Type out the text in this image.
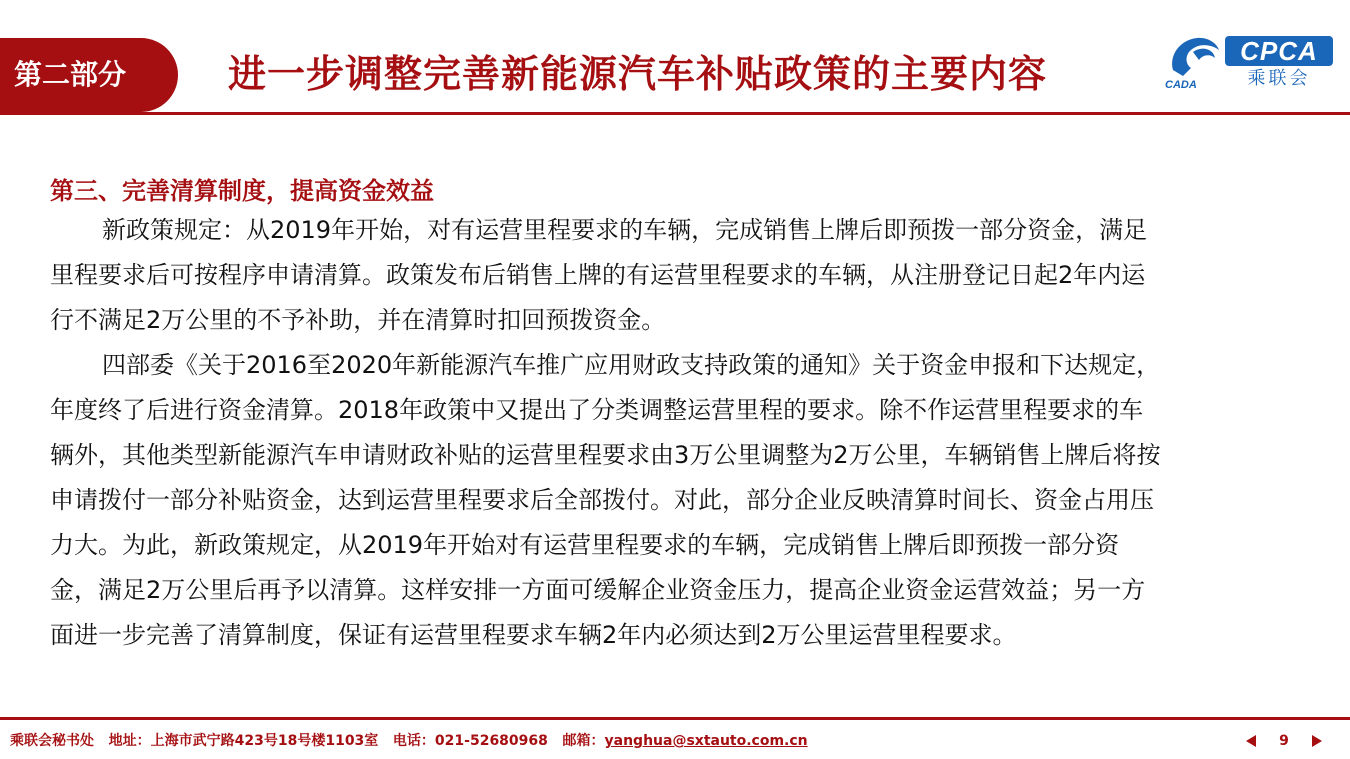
第二部分	进一步调整完善新能源汽车补贴政策的主要内容	CADA
CPCA
乘联会
第三、完善清算制度，提高资金效益
新政策规定：从2019年开始，对有运营里程要求的车辆，完成销售上牌后即预拨一部分资金，满足
里程要求后可按程序申请清算。政策发布后销售上牌的有运营里程要求的车辆，从注册登记日起2年内运
行不满足2万公里的不予补助，并在清算时扣回预拨资金。
四部委《关于2016至2020年新能源汽车推广应用财政支持政策的通知》关于资金申报和下达规定，
年度终了后进行资金清算。2018年政策中又提出了分类调整运营里程的要求。除不作运营里程要求的车
辆外，其他类型新能源汽车申请财政补贴的运营里程要求由3万公里调整为2万公里，车辆销售上牌后将按
申请拨付一部分补贴资金，达到运营里程要求后全部拨付。对此，部分企业反映清算时间长、资金占用压
力大。为此，新政策规定，从2019年开始对有运营里程要求的车辆，完成销售上牌后即预拨一部分资
金，满足2万公里后再予以清算。这样安排一方面可缓解企业资金压力，提高企业资金运营效益；另一方
面进一步完善了清算制度，保证有运营里程要求车辆2年内必须达到2万公里运营里程要求。
乘联会秘书处 地址：上海市武宁路423号18号楼1103室 电话：021-52680968 邮箱：yanghua@sxtauto.com.cn	9
